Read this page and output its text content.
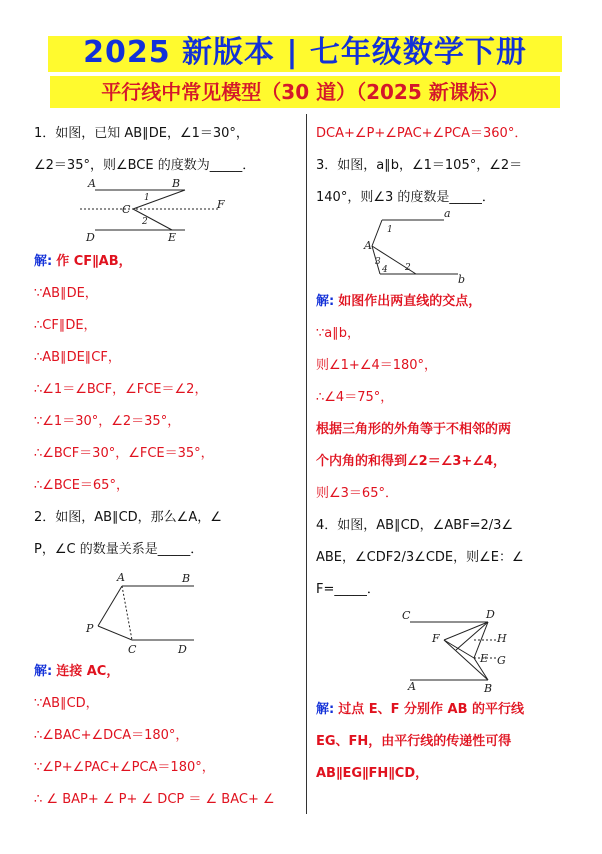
2025 新版本 | 七年级数学下册
平行线中常见模型（30 道）（2025 新课标）
1．如图，已知 AB∥DE，∠1＝30°，
∠2＝35°，则∠BCE 的度数为_____．
A	B
C
D	E
F
1
2
解: 作 CF∥AB，
∵AB∥DE，
∴CF∥DE，
∴AB∥DE∥CF，
∴∠1＝∠BCF，∠FCE＝∠2，
∵∠1＝30°，∠2＝35°，
∴∠BCF＝30°，∠FCE＝35°，
∴∠BCE＝65°，
2．如图，AB∥CD，那么∠A，∠
P，∠C 的数量关系是_____．
A	B
P
C	D
解: 连接 AC，
∵AB∥CD，
∴∠BAC+∠DCA＝180°，
∵∠P+∠PAC+∠PCA＝180°，
∴ ∠ BAP+ ∠ P+ ∠ DCP ＝ ∠ BAC+ ∠
DCA+∠P+∠PAC+∠PCA＝360°．
3．如图，a∥b，∠1＝105°，∠2＝
140°，则∠3 的度数是_____．
a
b
A
1
2
3
4
解: 如图作出两直线的交点，
∵a∥b，
则∠1+∠4＝180°，
∴∠4＝75°，
根据三角形的外角等于不相邻的两
个内角的和得到∠2＝∠3+∠4，
则∠3＝65°．
4．如图，AB∥CD，∠ABF=2/3∠
ABE，∠CDF2/3∠CDE，则∠E：∠
F=_____．
C	D
F	H
E G
A	B
解: 过点 E、F 分别作 AB 的平行线
EG、FH，由平行线的传递性可得
AB∥EG∥FH∥CD，
